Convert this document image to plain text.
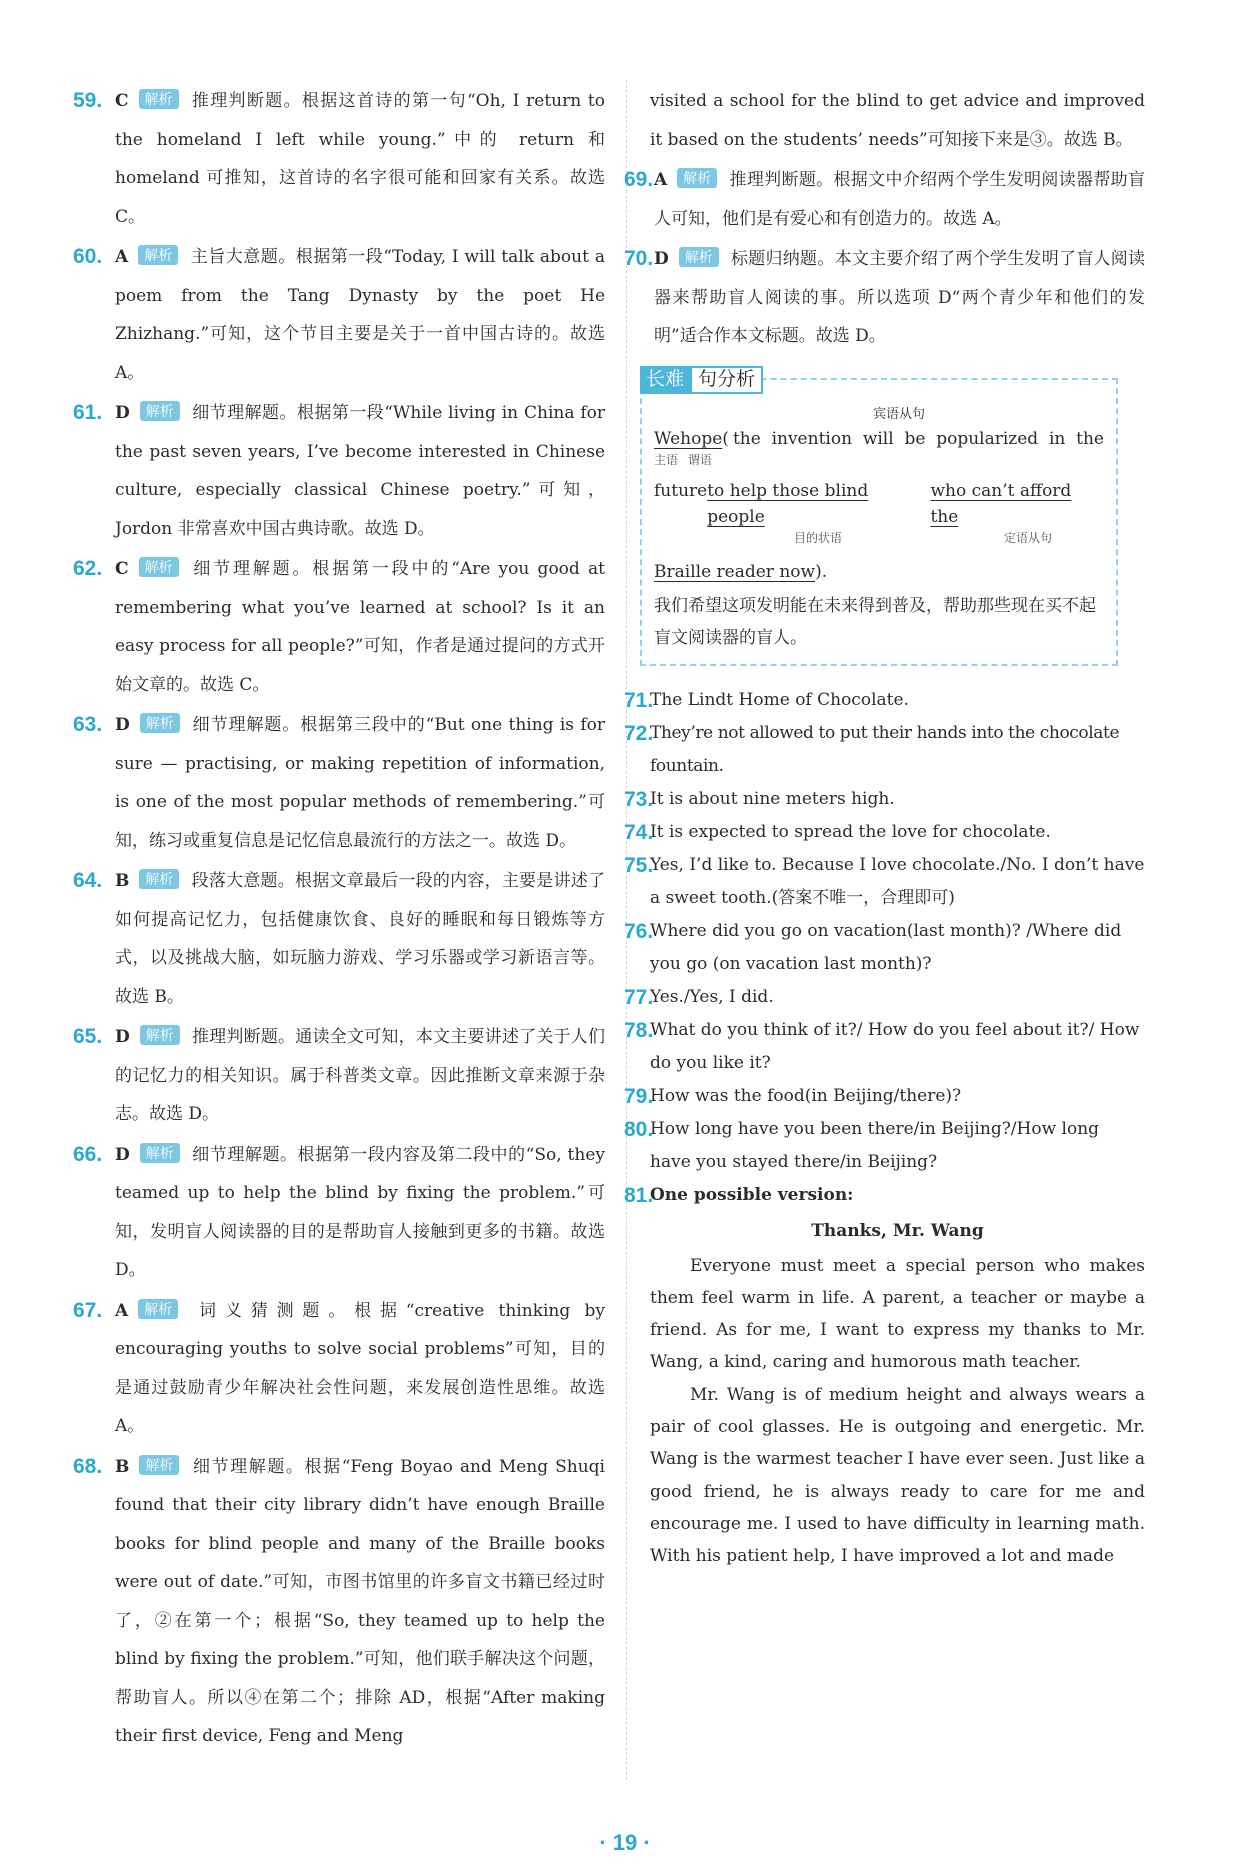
59. C 解析 推理判断题。根据这首诗的第一句“Oh, I return to the homeland I left while young.”中的 return 和 homeland 可推知，这首诗的名字很可能和回家有关系。故选 C。
60. A 解析 主旨大意题。根据第一段“Today, I will talk about a poem from the Tang Dynasty by the poet He Zhizhang.”可知，这个节目主要是关于一首中国古诗的。故选 A。
61. D 解析 细节理解题。根据第一段“While living in China for the past seven years, I’ve become interested in Chinese culture, especially classical Chinese poetry.”可知，Jordon 非常喜欢中国古典诗歌。故选 D。
62. C 解析 细节理解题。根据第一段中的“Are you good at remembering what you’ve learned at school? Is it an easy process for all people?”可知，作者是通过提问的方式开始文章的。故选 C。
63. D 解析 细节理解题。根据第三段中的“But one thing is for sure — practising, or making repetition of information, is one of the most popular methods of remembering.”可知，练习或重复信息是记忆信息最流行的方法之一。故选 D。
64. B 解析 段落大意题。根据文章最后一段的内容，主要是讲述了如何提高记忆力，包括健康饮食、良好的睡眠和每日锻炼等方式，以及挑战大脑，如玩脑力游戏、学习乐器或学习新语言等。故选 B。
65. D 解析 推理判断题。通读全文可知，本文主要讲述了关于人们的记忆力的相关知识。属于科普类文章。因此推断文章来源于杂志。故选 D。
66. D 解析 细节理解题。根据第一段内容及第二段中的“So, they teamed up to help the blind by fixing the problem.”可知，发明盲人阅读器的目的是帮助盲人接触到更多的书籍。故选 D。
67. A 解析 词义猜测题。根据“creative thinking by encouraging youths to solve social problems”可知，目的是通过鼓励青少年解决社会性问题，来发展创造性思维。故选 A。
68. B 解析 细节理解题。根据“Feng Boyao and Meng Shuqi found that their city library didn’t have enough Braille books for blind people and many of the Braille books were out of date.”可知，市图书馆里的许多盲文书籍已经过时了，②在第一个；根据“So, they teamed up to help the blind by fixing the problem.”可知，他们联手解决这个问题，帮助盲人。所以④在第二个；排除 AD，根据“After making their first device, Feng and Meng
visited a school for the blind to get advice and improved it based on the students’ needs”可知接下来是③。故选 B。
69. A 解析 推理判断题。根据文中介绍两个学生发明阅读器帮助盲人可知，他们是有爱心和有创造力的。故选 A。
70. D 解析 标题归纳题。本文主要介绍了两个学生发明了盲人阅读器来帮助盲人阅读的事。所以选项 D“两个青少年和他们的发明”适合作本文标题。故选 D。
长难 句分析
宾语从句
We hope ( the invention will be popularized in the
主语 谓语
future to help those blind people
who can’t afford the
目的状语	定语从句
Braille reader now).
我们希望这项发明能在未来得到普及，帮助那些现在买不起盲文阅读器的盲人。
71.
The Lindt Home of Chocolate.
72.
They’re not allowed to put their hands into the chocolate fountain.
73.
It is about nine meters high.
74.
It is expected to spread the love for chocolate.
75.
Yes, I’d like to. Because I love chocolate./No. I don’t have a sweet tooth.(答案不唯一，合理即可)
76.
Where did you go on vacation(last month)? /Where did you go (on vacation last month)?
77.
Yes./Yes, I did.
78.
What do you think of it?/ How do you feel about it?/ How do you like it?
79.
How was the food(in Beijing/there)?
80.
How long have you been there/in Beijing?/How long have you stayed there/in Beijing?
81.
One possible version:
Thanks, Mr. Wang

Everyone must meet a special person who makes them feel warm in life. A parent, a teacher or maybe a friend. As for me, I want to express my thanks to Mr. Wang, a kind, caring and humorous math teacher.

Mr. Wang is of medium height and always wears a pair of cool glasses. He is outgoing and energetic. Mr. Wang is the warmest teacher I have ever seen. Just like a good friend, he is always ready to care for me and encourage me. I used to have difficulty in learning math. With his patient help, I have improved a lot and made

· 19 ·
